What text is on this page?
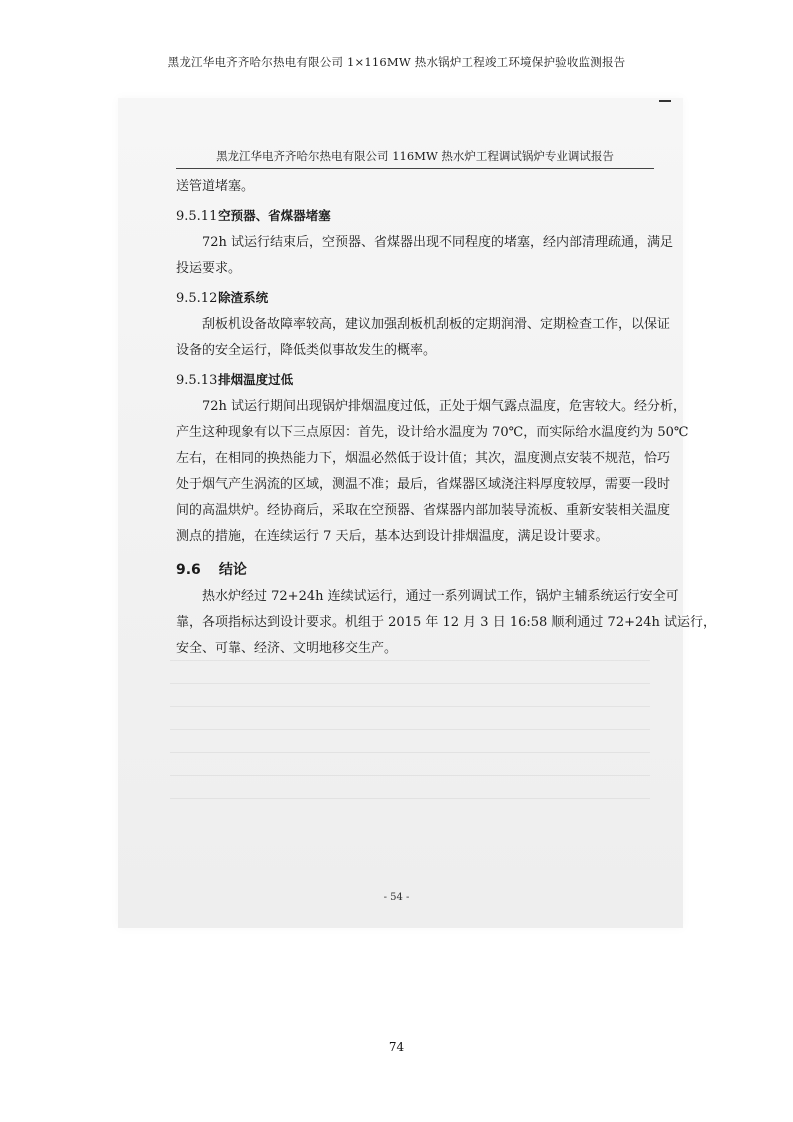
黑龙江华电齐齐哈尔热电有限公司 1×116MW 热水锅炉工程竣工环境保护验收监测报告
黑龙江华电齐齐哈尔热电有限公司 116MW 热水炉工程调试锅炉专业调试报告
送管道堵塞。
9.5.11 空预器、省煤器堵塞
72h 试运行结束后，空预器、省煤器出现不同程度的堵塞，经内部清理疏通，满足
投运要求。
9.5.12 除渣系统
刮板机设备故障率较高，建议加强刮板机刮板的定期润滑、定期检查工作，以保证
设备的安全运行，降低类似事故发生的概率。
9.5.13 排烟温度过低
72h 试运行期间出现锅炉排烟温度过低，正处于烟气露点温度，危害较大。经分析，
产生这种现象有以下三点原因：首先，设计给水温度为 70℃，而实际给水温度约为 50℃
左右，在相同的换热能力下，烟温必然低于设计值；其次，温度测点安装不规范，恰巧
处于烟气产生涡流的区域，测温不准；最后，省煤器区域浇注料厚度较厚，需要一段时
间的高温烘炉。经协商后，采取在空预器、省煤器内部加装导流板、重新安装相关温度
测点的措施，在连续运行 7 天后，基本达到设计排烟温度，满足设计要求。
9.6 结论
热水炉经过 72+24h 连续试运行，通过一系列调试工作，锅炉主辅系统运行安全可
靠，各项指标达到设计要求。机组于 2015 年 12 月 3 日 16:58 顺利通过 72+24h 试运行，
安全、可靠、经济、文明地移交生产。
- 54 -
74
